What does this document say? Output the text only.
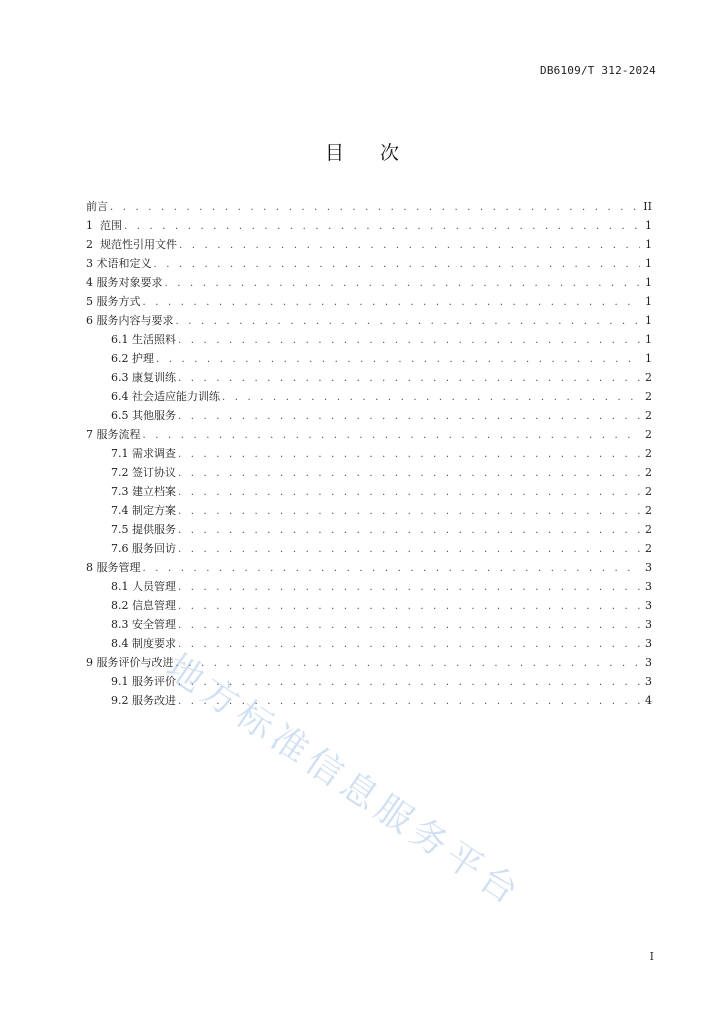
DB6109/T 312-2024
目次
前言 . . .	II
1  范围 . . .	1
2  规范性引用文件 . . .	1
3 术语和定义 . . .	1
4 服务对象要求 . . .	1
5 服务方式 . . .	1
6 服务内容与要求 . . .	1
6.1 生活照料 . . .	1
6.2 护理 . . .	1
6.3 康复训练 . . .	2
6.4 社会适应能力训练 . . .	2
6.5 其他服务 . . .	2
7 服务流程 . . .	2
7.1 需求调查 . . .	2
7.2 签订协议 . . .	2
7.3 建立档案 . . .	2
7.4 制定方案 . . .	2
7.5 提供服务 . . .	2
7.6 服务回访 . . .	2
8 服务管理 . . .	3
8.1 人员管理 . . .	3
8.2 信息管理 . . .	3
8.3 安全管理 . . .	3
8.4 制度要求 . . .	3
9 服务评价与改进 . . .	3
9.1 服务评价 . . .	3
9.2 服务改进 . . .	4
地方标准信息服务平台
I
